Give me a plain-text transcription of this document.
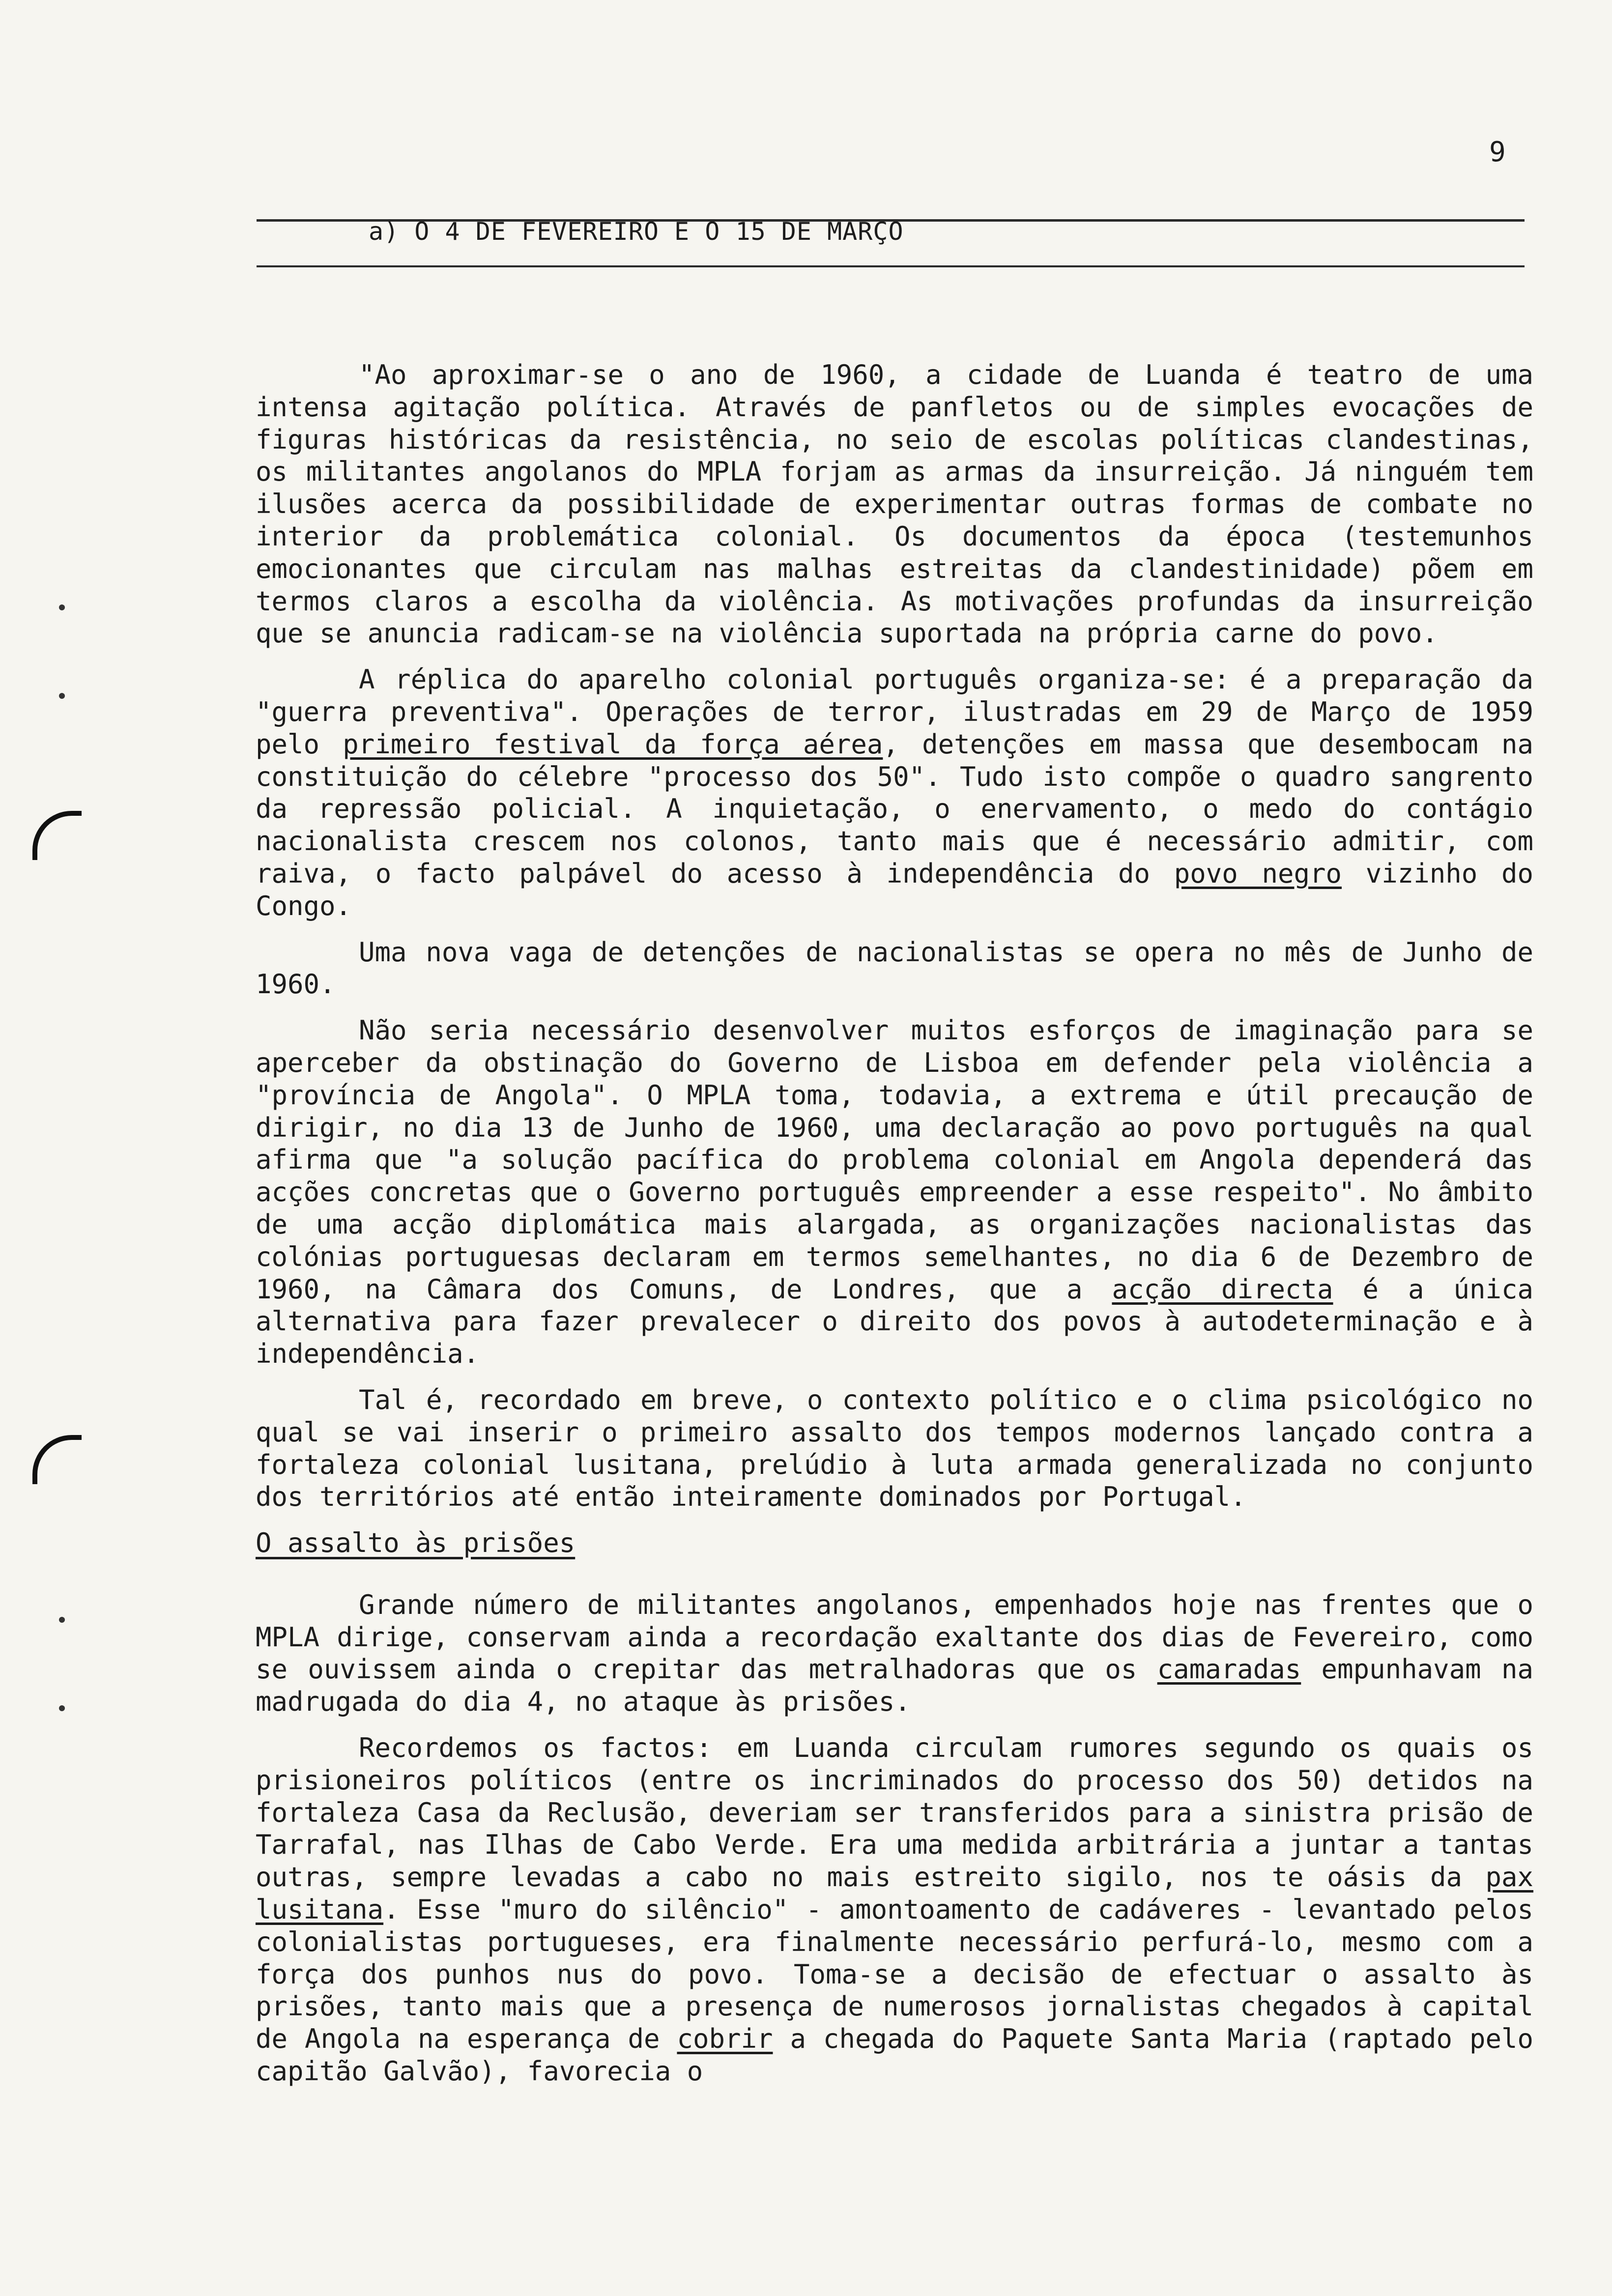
9
a) O 4 DE FEVEREIRO E O 15 DE MARÇO

"Ao aproximar-se o ano de 1960, a cidade de Luanda é teatro de uma intensa agitação política. Através de panfletos ou de simples evocações de figuras históricas da resistência, no seio de escolas políticas clandestinas, os militantes angolanos do MPLA forjam as armas da insurreição. Já ninguém tem ilusões acerca da possibilidade de experimentar outras formas de combate no interior da problemática colonial. Os documentos da época (testemunhos emocionantes que circulam nas malhas estreitas da clandestinidade) põem em termos claros a escolha da violência. As motivações profundas da insurreição que se anuncia radicam-se na violência suportada na própria carne do povo.

A réplica do aparelho colonial português organiza-se: é a preparação da "guerra preventiva". Operações de terror, ilustradas em 29 de Março de 1959 pelo primeiro festival da força aérea, detenções em massa que desembocam na constituição do célebre "processo dos 50". Tudo isto compõe o quadro sangrento da repressão policial. A inquietação, o enervamento, o medo do contágio nacionalista crescem nos colonos, tanto mais que é necessário admitir, com raiva, o facto palpável do acesso à independência do povo negro vizinho do Congo.

Uma nova vaga de detenções de nacionalistas se opera no mês de Junho de 1960.

Não seria necessário desenvolver muitos esforços de imaginação para se aperceber da obstinação do Governo de Lisboa em defender pela violência a "província de Angola". O MPLA toma, todavia, a extrema e útil precaução de dirigir, no dia 13 de Junho de 1960, uma declaração ao povo português na qual afirma que "a solução pacífica do problema colonial em Angola dependerá das acções concretas que o Governo português empreender a esse respeito". No âmbito de uma acção diplomática mais alargada, as organizações nacionalistas das colónias portuguesas declaram em termos semelhantes, no dia 6 de Dezembro de 1960, na Câmara dos Comuns, de Londres, que a acção directa é a única alternativa para fazer prevalecer o direito dos povos à autodeterminação e à independência.

Tal é, recordado em breve, o contexto político e o clima psicológico no qual se vai inserir o primeiro assalto dos tempos modernos lançado contra a fortaleza colonial lusitana, prelúdio à luta armada generalizada no conjunto dos territórios até então inteiramente dominados por Portugal.

O assalto às prisões

Grande número de militantes angolanos, empenhados hoje nas frentes que o MPLA dirige, conservam ainda a recordação exaltante dos dias de Fevereiro, como se ouvissem ainda o crepitar das metralhadoras que os camaradas empunhavam na madrugada do dia 4, no ataque às prisões.

Recordemos os factos: em Luanda circulam rumores segundo os quais os prisioneiros políticos (entre os incriminados do processo dos 50) detidos na fortaleza Casa da Reclusão, deveriam ser transferidos para a sinistra prisão de Tarrafal, nas Ilhas de Cabo Verde. Era uma medida arbitrária a juntar a tantas outras, sempre levadas a cabo no mais estreito sigilo, nos te oásis da pax lusitana. Esse "muro do silêncio" - amontoamento de cadáveres - levantado pelos colonialistas portugueses, era finalmente necessário perfurá-lo, mesmo com a força dos punhos nus do povo. Toma-se a decisão de efectuar o assalto às prisões, tanto mais que a presença de numerosos jornalistas chegados à capital de Angola na esperança de cobrir a chegada do Paquete Santa Maria (raptado pelo capitão Galvão), favorecia o
